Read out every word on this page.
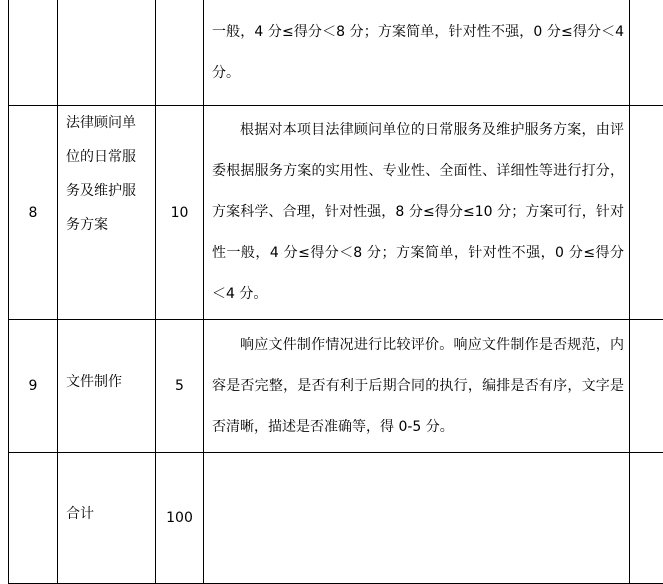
			一般，4 分≤得分＜8 分；方案简单，针对性不强，0 分≤得分＜4 分。	

8	法律顾问单位的日常服务及维护服务方案	10	根据对本项目法律顾问单位的日常服务及维护服务方案，由评委根据服务方案的实用性、专业性、全面性、详细性等进行打分，方案科学、合理，针对性强，8 分≤得分≤10 分；方案可行，针对性一般，4 分≤得分＜8 分；方案简单，针对性不强，0 分≤得分＜4 分。	

9	文件制作	5	响应文件制作情况进行比较评价。响应文件制作是否规范，内容是否完整，是否有利于后期合同的执行，编排是否有序，文字是否清晰，描述是否准确等，得 0-5 分。	

	合计	100	
